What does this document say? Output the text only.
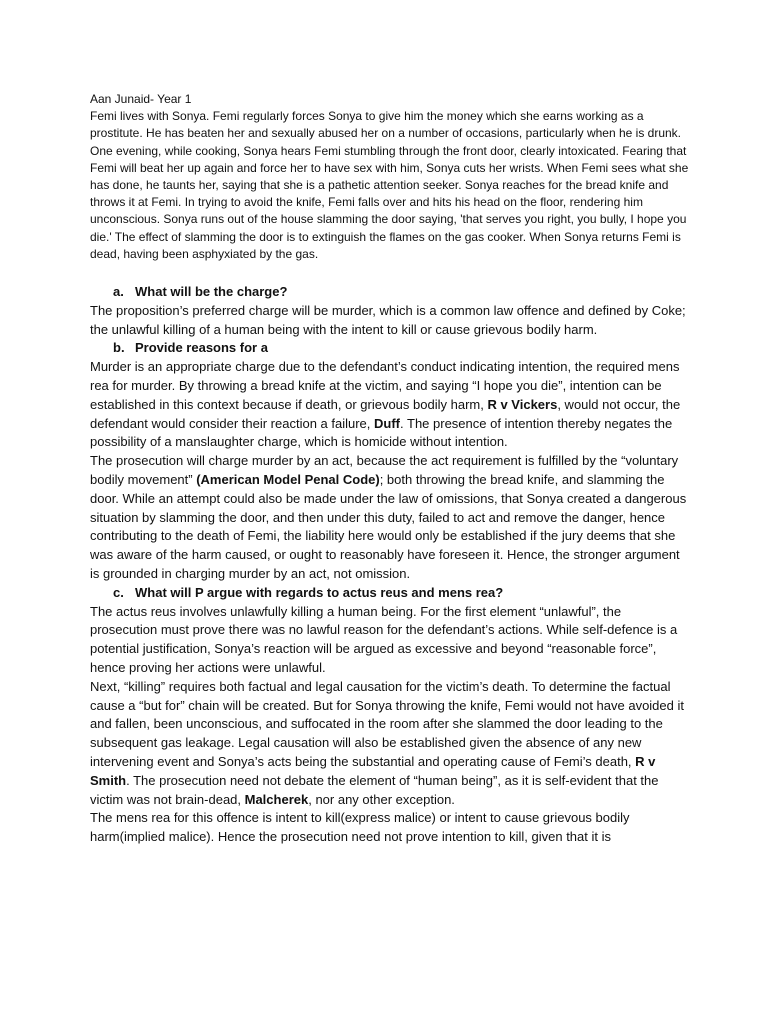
Aan Junaid- Year 1

Femi lives with Sonya. Femi regularly forces Sonya to give him the money which she earns working as a prostitute. He has beaten her and sexually abused her on a number of occasions, particularly when he is drunk. One evening, while cooking, Sonya hears Femi stumbling through the front door, clearly intoxicated. Fearing that Femi will beat her up again and force her to have sex with him, Sonya cuts her wrists. When Femi sees what she has done, he taunts her, saying that she is a pathetic attention seeker. Sonya reaches for the bread knife and throws it at Femi. In trying to avoid the knife, Femi falls over and hits his head on the floor, rendering him unconscious. Sonya runs out of the house slamming the door saying, 'that serves you right, you bully, I hope you die.' The effect of slamming the door is to extinguish the flames on the gas cooker. When Sonya returns Femi is dead, having been asphyxiated by the gas.

a. What will be the charge?

The proposition’s preferred charge will be murder, which is a common law offence and defined by Coke; the unlawful killing of a human being with the intent to kill or cause grievous bodily harm.

b. Provide reasons for a

Murder is an appropriate charge due to the defendant’s conduct indicating intention, the required mens rea for murder. By throwing a bread knife at the victim, and saying “I hope you die”, intention can be established in this context because if death, or grievous bodily harm, R v Vickers, would not occur, the defendant would consider their reaction a failure, Duff. The presence of intention thereby negates the possibility of a manslaughter charge, which is homicide without intention.

The prosecution will charge murder by an act, because the act requirement is fulfilled by the “voluntary bodily movement” (American Model Penal Code); both throwing the bread knife, and slamming the door. While an attempt could also be made under the law of omissions, that Sonya created a dangerous situation by slamming the door, and then under this duty, failed to act and remove the danger, hence contributing to the death of Femi, the liability here would only be established if the jury deems that she was aware of the harm caused, or ought to reasonably have foreseen it. Hence, the stronger argument is grounded in charging murder by an act, not omission.

c. What will P argue with regards to actus reus and mens rea?

The actus reus involves unlawfully killing a human being. For the first element “unlawful”, the prosecution must prove there was no lawful reason for the defendant’s actions. While self-defence is a potential justification, Sonya’s reaction will be argued as excessive and beyond “reasonable force”, hence proving her actions were unlawful.

Next, “killing” requires both factual and legal causation for the victim’s death. To determine the factual cause a “but for” chain will be created. But for Sonya throwing the knife, Femi would not have avoided it and fallen, been unconscious, and suffocated in the room after she slammed the door leading to the subsequent gas leakage. Legal causation will also be established given the absence of any new intervening event and Sonya’s acts being the substantial and operating cause of Femi’s death, R v Smith. The prosecution need not debate the element of “human being”, as it is self-evident that the victim was not brain-dead, Malcherek, nor any other exception.

The mens rea for this offence is intent to kill(express malice) or intent to cause grievous bodily harm(implied malice). Hence the prosecution need not prove intention to kill, given that it is
